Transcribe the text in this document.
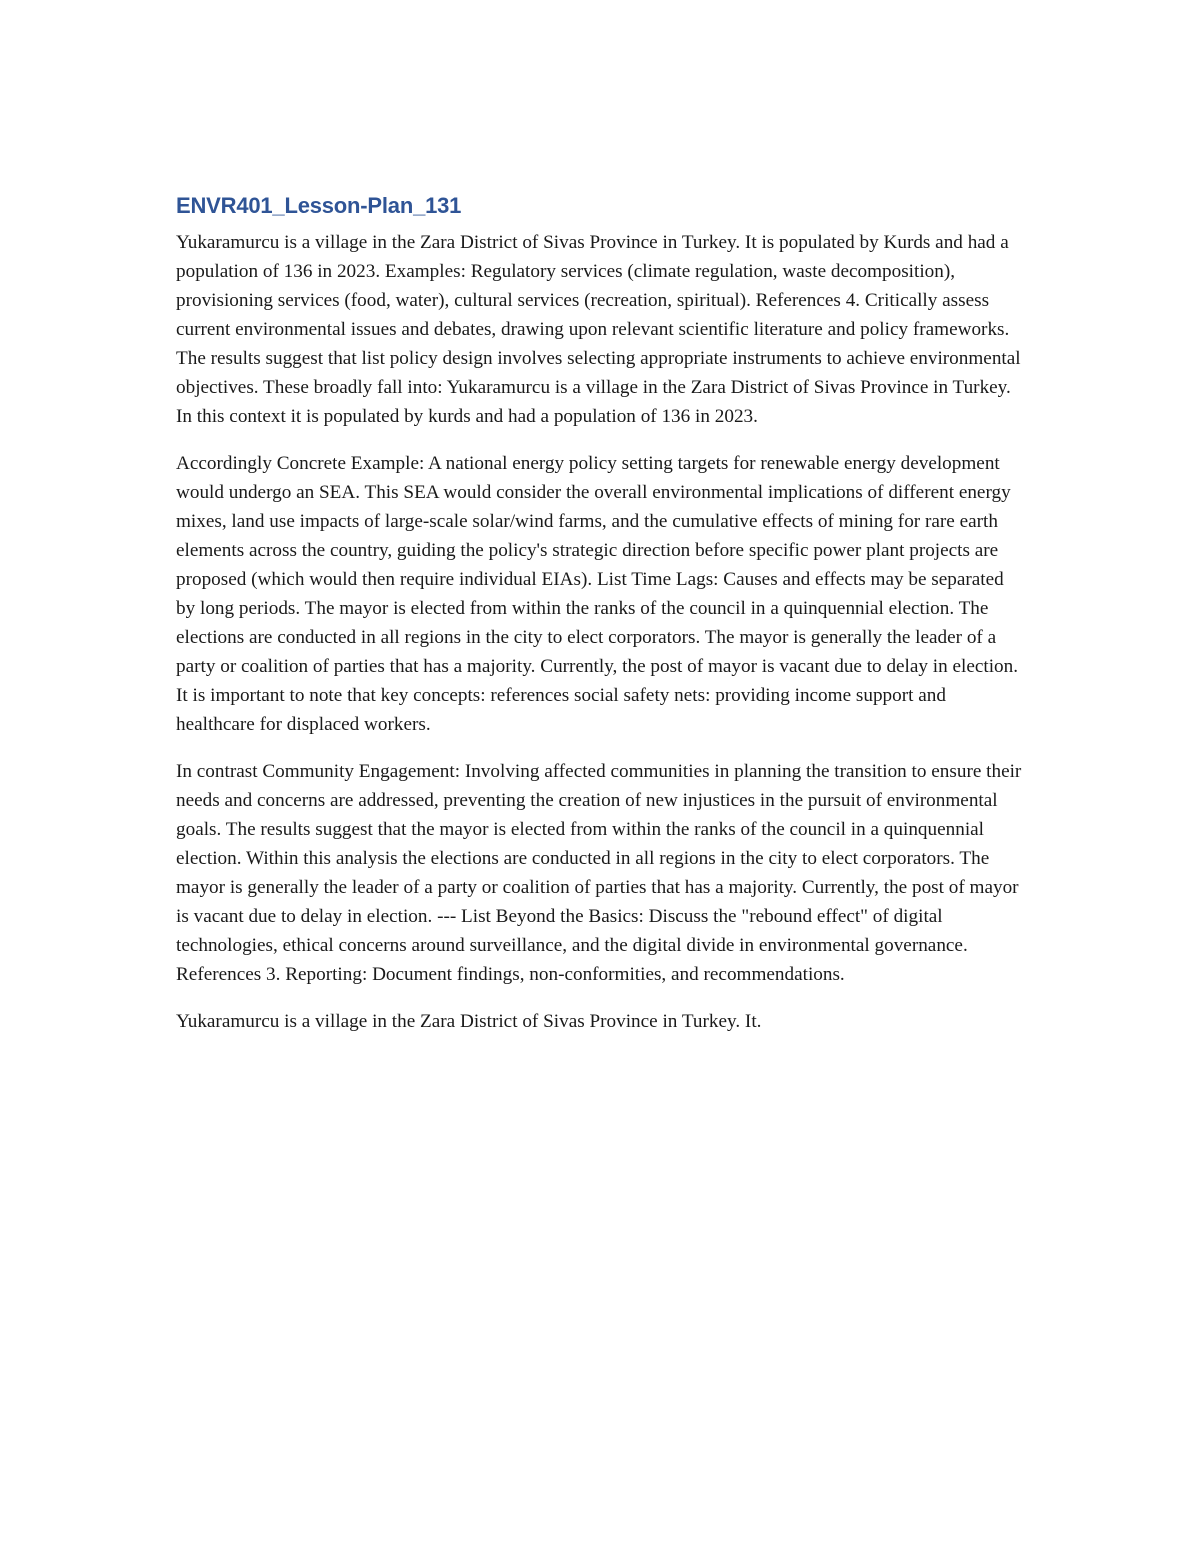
ENVR401_Lesson-Plan_131

Yukaramurcu is a village in the Zara District of Sivas Province in Turkey. It is populated by Kurds and had a population of 136 in 2023. Examples: Regulatory services (climate regulation, waste decomposition), provisioning services (food, water), cultural services (recreation, spiritual). References 4. Critically assess current environmental issues and debates, drawing upon relevant scientific literature and policy frameworks. The results suggest that list policy design involves selecting appropriate instruments to achieve environmental objectives. These broadly fall into: Yukaramurcu is a village in the Zara District of Sivas Province in Turkey. In this context it is populated by kurds and had a population of 136 in 2023.

Accordingly Concrete Example: A national energy policy setting targets for renewable energy development would undergo an SEA. This SEA would consider the overall environmental implications of different energy mixes, land use impacts of large-scale solar/wind farms, and the cumulative effects of mining for rare earth elements across the country, guiding the policy's strategic direction before specific power plant projects are proposed (which would then require individual EIAs). List Time Lags: Causes and effects may be separated by long periods. The mayor is elected from within the ranks of the council in a quinquennial election. The elections are conducted in all regions in the city to elect corporators. The mayor is generally the leader of a party or coalition of parties that has a majority. Currently, the post of mayor is vacant due to delay in election. It is important to note that key concepts: references social safety nets: providing income support and healthcare for displaced workers.

In contrast Community Engagement: Involving affected communities in planning the transition to ensure their needs and concerns are addressed, preventing the creation of new injustices in the pursuit of environmental goals. The results suggest that the mayor is elected from within the ranks of the council in a quinquennial election. Within this analysis the elections are conducted in all regions in the city to elect corporators. The mayor is generally the leader of a party or coalition of parties that has a majority. Currently, the post of mayor is vacant due to delay in election. --- List Beyond the Basics: Discuss the "rebound effect" of digital technologies, ethical concerns around surveillance, and the digital divide in environmental governance. References 3. Reporting: Document findings, non-conformities, and recommendations.

Yukaramurcu is a village in the Zara District of Sivas Province in Turkey. It.
